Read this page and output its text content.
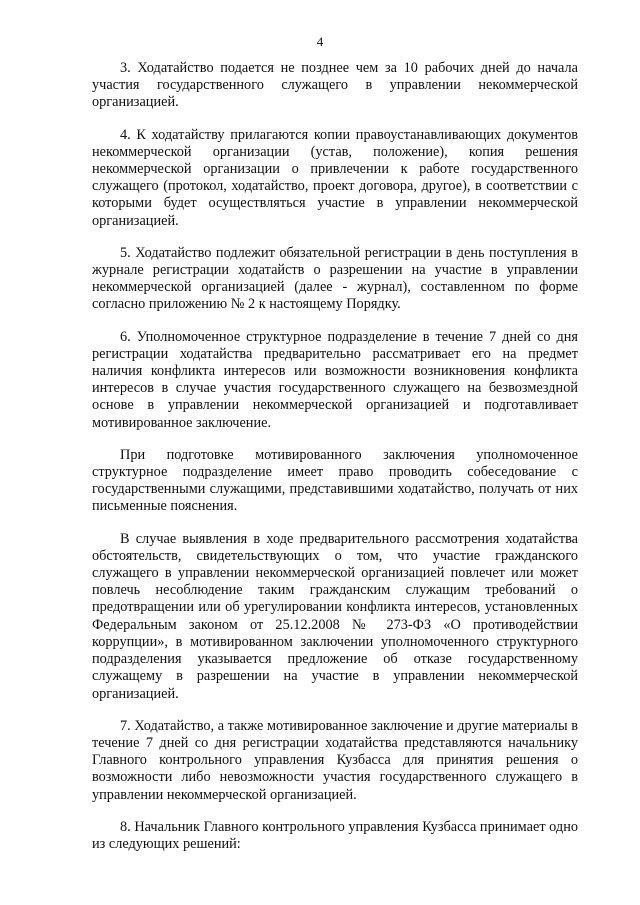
4

3. Ходатайство подается не позднее чем за 10 рабочих дней до начала участия государственного служащего в управлении некоммерческой организацией.

4. К ходатайству прилагаются копии правоустанавливающих документов некоммерческой организации (устав, положение), копия решения некоммерческой организации о привлечении к работе государственного служащего (протокол, ходатайство, проект договора, другое), в соответствии с которыми будет осуществляться участие в управлении некоммерческой организацией.

5. Ходатайство подлежит обязательной регистрации в день поступления в журнале регистрации ходатайств о разрешении на участие в управлении некоммерческой организацией (далее - журнал), составленном по форме согласно приложению № 2 к настоящему Порядку.

6. Уполномоченное структурное подразделение в течение 7 дней со дня регистрации ходатайства предварительно рассматривает его на предмет наличия конфликта интересов или возможности возникновения конфликта интересов в случае участия государственного служащего на безвозмездной основе в управлении некоммерческой организацией и подготавливает мотивированное заключение.

При подготовке мотивированного заключения уполномоченное структурное подразделение имеет право проводить собеседование с государственными служащими, представившими ходатайство, получать от них письменные пояснения.

В случае выявления в ходе предварительного рассмотрения ходатайства обстоятельств, свидетельствующих о том, что участие гражданского служащего в управлении некоммерческой организацией повлечет или может повлечь несоблюдение таким гражданским служащим требований о предотвращении или об урегулировании конфликта интересов, установленных Федеральным законом от 25.12.2008 № 273-ФЗ «О противодействии коррупции», в мотивированном заключении уполномоченного структурного подразделения указывается предложение об отказе государственному служащему в разрешении на участие в управлении некоммерческой организацией.

7. Ходатайство, а также мотивированное заключение и другие материалы в течение 7 дней со дня регистрации ходатайства представляются начальнику Главного контрольного управления Кузбасса для принятия решения о возможности либо невозможности участия государственного служащего в управлении некоммерческой организацией.

8. Начальник Главного контрольного управления Кузбасса принимает одно из следующих решений:
